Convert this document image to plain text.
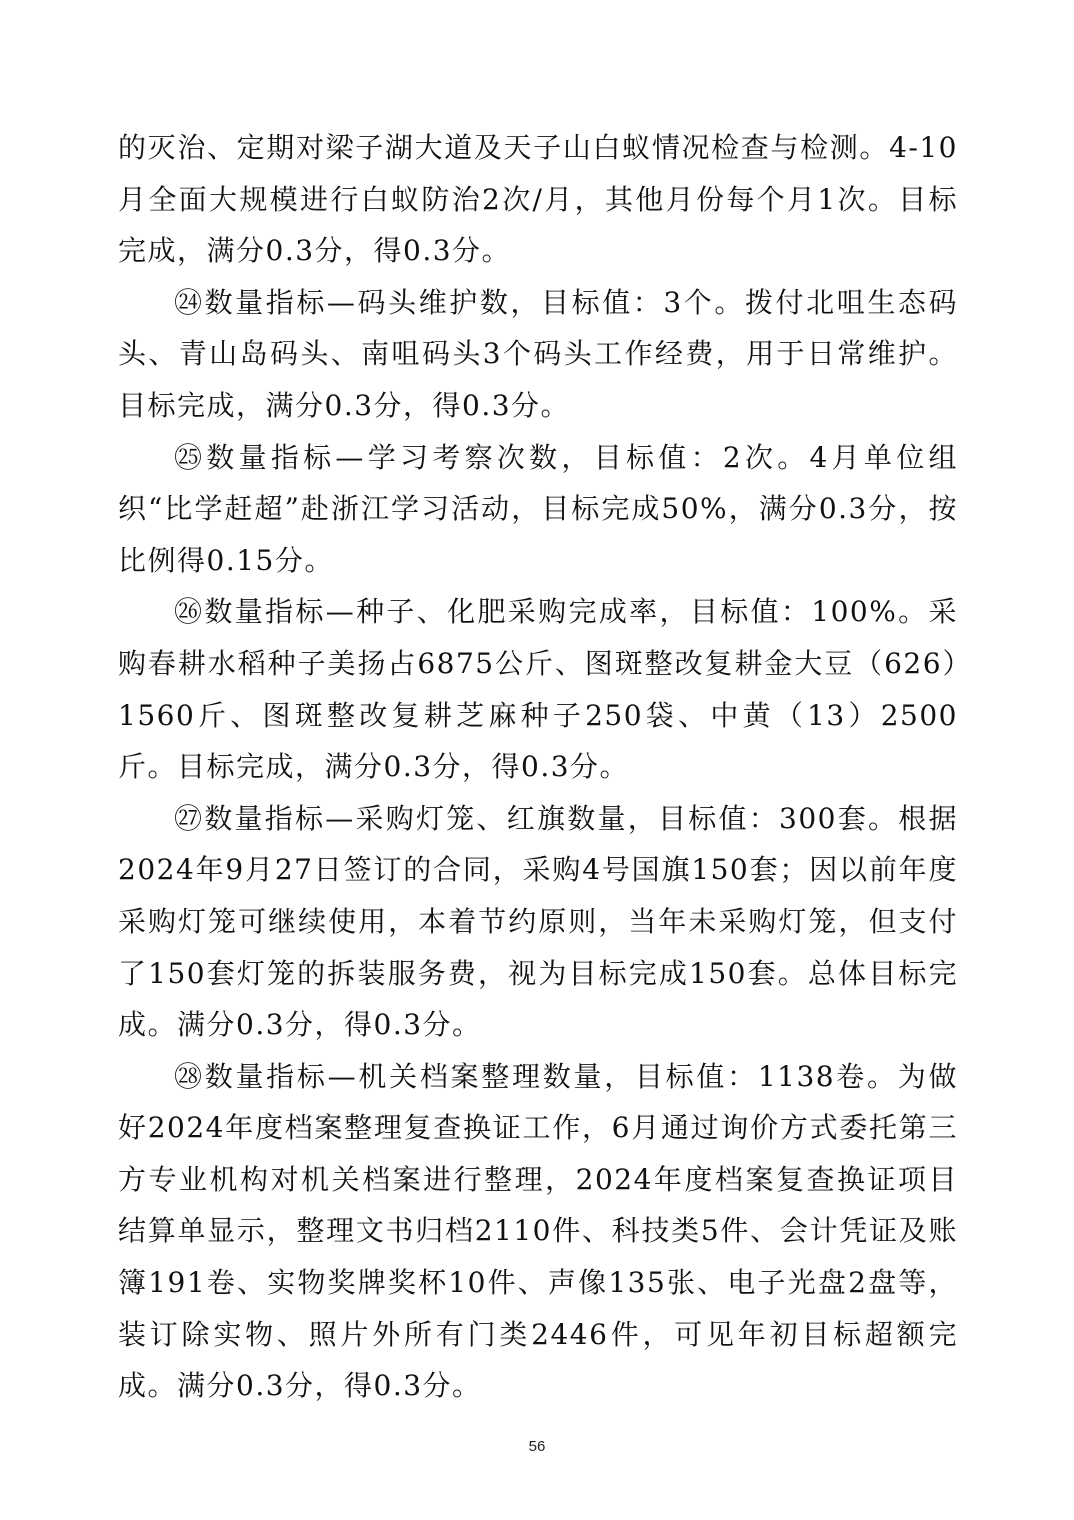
的灭治、定期对梁子湖大道及天子山白蚁情况检查与检测。4-10月全面大规模进行白蚁防治2次/月，其他月份每个月1次。目标完成，满分0.3分，得0.3分。

㉔数量指标—码头维护数，目标值：3个。拨付北咀生态码头、青山岛码头、南咀码头3个码头工作经费，用于日常维护。目标完成，满分0.3分，得0.3分。

㉕数量指标—学习考察次数，目标值：2次。4月单位组织“比学赶超”赴浙江学习活动，目标完成50%，满分0.3分，按比例得0.15分。

㉖数量指标—种子、化肥采购完成率，目标值：100%。采购春耕水稻种子美扬占6875公斤、图斑整改复耕金大豆（626）1560斤、图斑整改复耕芝麻种子250袋、中黄（13）2500斤。目标完成，满分0.3分，得0.3分。

㉗数量指标—采购灯笼、红旗数量，目标值：300套。根据2024年9月27日签订的合同，采购4号国旗150套；因以前年度采购灯笼可继续使用，本着节约原则，当年未采购灯笼，但支付了150套灯笼的拆装服务费，视为目标完成150套。总体目标完成。满分0.3分，得0.3分。

㉘数量指标—机关档案整理数量，目标值：1138卷。为做好2024年度档案整理复查换证工作，6月通过询价方式委托第三方专业机构对机关档案进行整理，2024年度档案复查换证项目结算单显示，整理文书归档2110件、科技类5件、会计凭证及账簿191卷、实物奖牌奖杯10件、声像135张、电子光盘2盘等，装订除实物、照片外所有门类2446件，可见年初目标超额完成。满分0.3分，得0.3分。

56
